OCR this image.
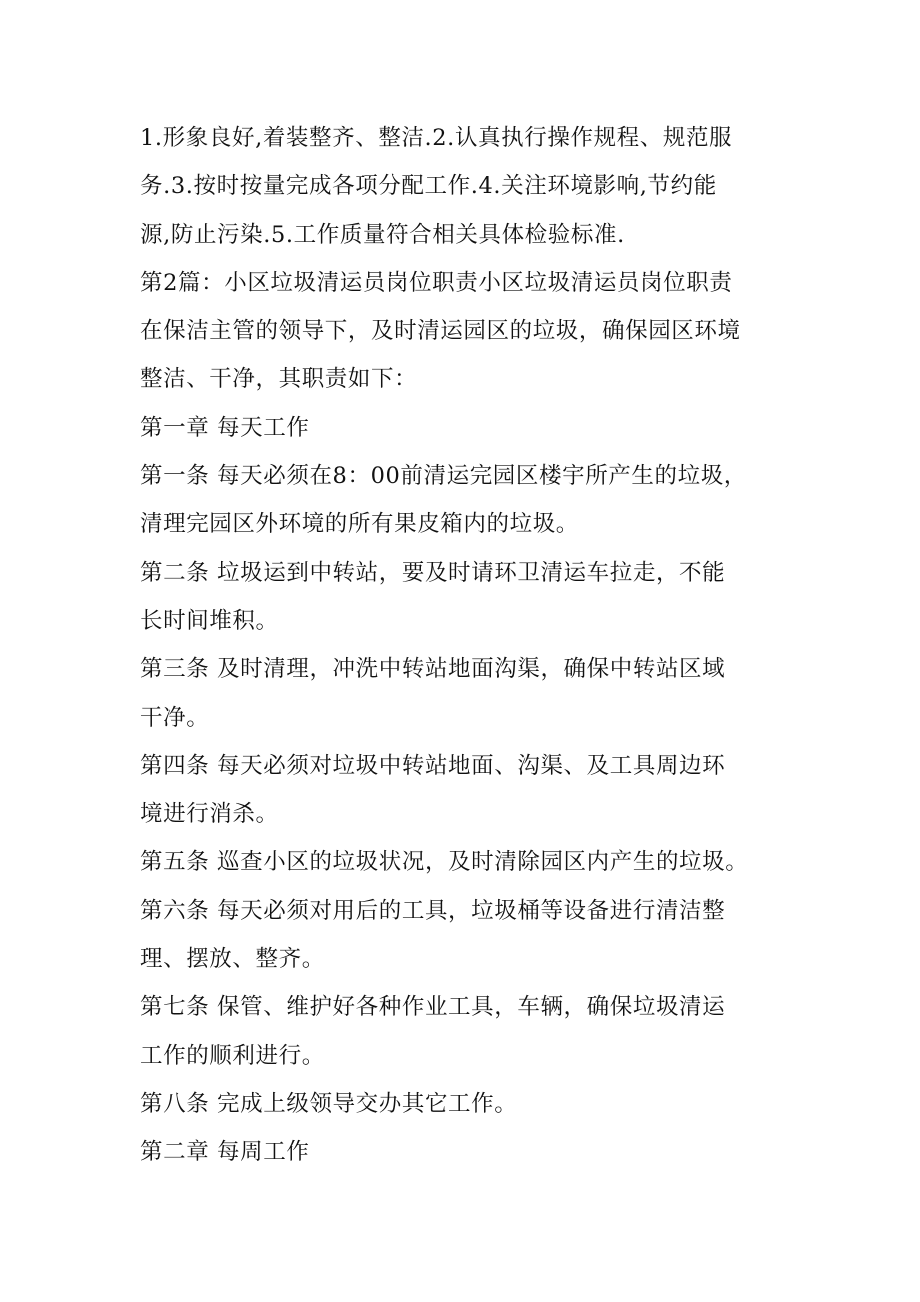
1.形象良好,着装整齐、整洁.2.认真执行操作规程、规范服

务.3.按时按量完成各项分配工作.4.关注环境影响,节约能

源,防止污染.5.工作质量符合相关具体检验标准.

第2篇：小区垃圾清运员岗位职责小区垃圾清运员岗位职责

在保洁主管的领导下，及时清运园区的垃圾，确保园区环境

整洁、干净，其职责如下：

第一章 每天工作

第一条 每天必须在8：00前清运完园区楼宇所产生的垃圾，

清理完园区外环境的所有果皮箱内的垃圾。

第二条 垃圾运到中转站，要及时请环卫清运车拉走，不能

长时间堆积。

第三条 及时清理，冲洗中转站地面沟渠，确保中转站区域

干净。

第四条 每天必须对垃圾中转站地面、沟渠、及工具周边环

境进行消杀。

第五条 巡查小区的垃圾状况，及时清除园区内产生的垃圾。

第六条 每天必须对用后的工具，垃圾桶等设备进行清洁整

理、摆放、整齐。

第七条 保管、维护好各种作业工具，车辆，确保垃圾清运

工作的顺利进行。

第八条 完成上级领导交办其它工作。

第二章 每周工作
